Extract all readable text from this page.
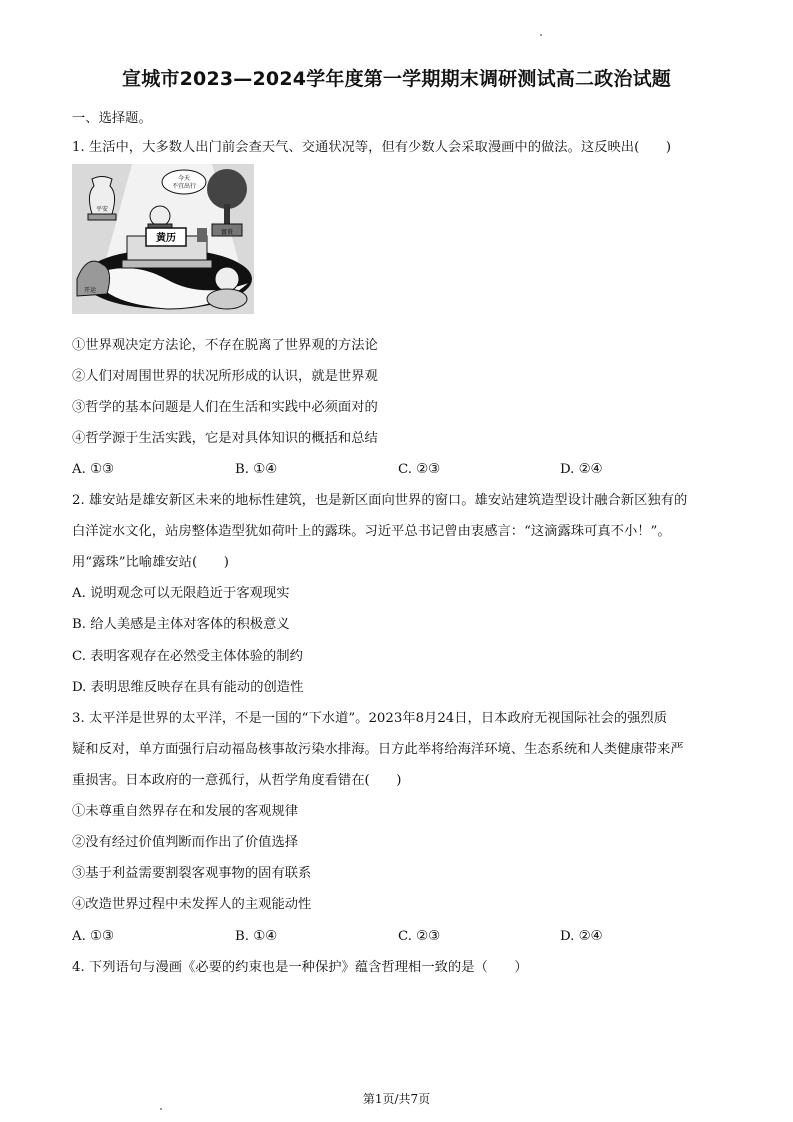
宣城市2023—2024学年度第一学期期末调研测试高二政治试题
一、选择题。
1. 生活中，大多数人出门前会查天气、交通状况等，但有少数人会采取漫画中的做法。这反映出(　　)
今天
不宜出行
黄历
平安
富贵
开运
①世界观决定方法论，不存在脱离了世界观的方法论
②人们对周围世界的状况所形成的认识，就是世界观
③哲学的基本问题是人们在生活和实践中必须面对的
④哲学源于生活实践，它是对具体知识的概括和总结
A. ①③	B. ①④	C. ②③	D. ②④
2. 雄安站是雄安新区未来的地标性建筑，也是新区面向世界的窗口。雄安站建筑造型设计融合新区独有的
白洋淀水文化，站房整体造型犹如荷叶上的露珠。习近平总书记曾由衷感言：“这滴露珠可真不小！”。
用“露珠”比喻雄安站(　　)
A. 说明观念可以无限趋近于客观现实
B. 给人美感是主体对客体的积极意义
C. 表明客观存在必然受主体体验的制约
D. 表明思维反映存在具有能动的创造性
3. 太平洋是世界的太平洋，不是一国的“下水道”。2023年8月24日，日本政府无视国际社会的强烈质
疑和反对，单方面强行启动福岛核事故污染水排海。日方此举将给海洋环境、生态系统和人类健康带来严
重损害。日本政府的一意孤行，从哲学角度看错在(　　)
①未尊重自然界存在和发展的客观规律
②没有经过价值判断而作出了价值选择
③基于利益需要割裂客观事物的固有联系
④改造世界过程中未发挥人的主观能动性
A. ①③	B. ①④	C. ②③	D. ②④
4. 下列语句与漫画《必要的约束也是一种保护》蕴含哲理相一致的是（　　）
第1页/共7页
